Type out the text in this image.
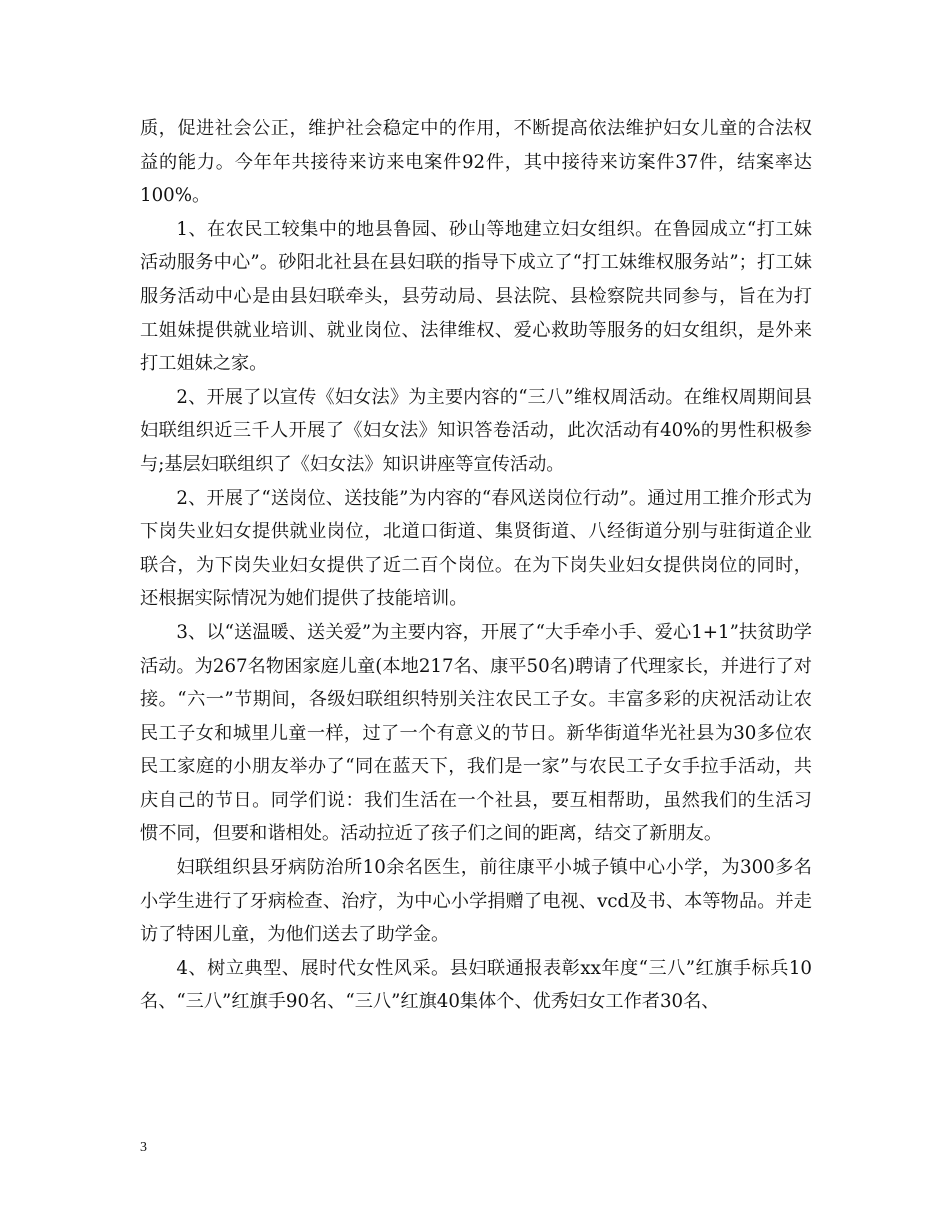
质，促进社会公正，维护社会稳定中的作用，不断提高依法维护妇女儿童的合法权益的能力。今年年共接待来访来电案件92件，其中接待来访案件37件，结案率达100%。

1、在农民工较集中的地县鲁园、砂山等地建立妇女组织。在鲁园成立“打工妹活动服务中心”。砂阳北社县在县妇联的指导下成立了“打工妹维权服务站”；打工妹服务活动中心是由县妇联牵头，县劳动局、县法院、县检察院共同参与，旨在为打工姐妹提供就业培训、就业岗位、法律维权、爱心救助等服务的妇女组织，是外来打工姐妹之家。

2、开展了以宣传《妇女法》为主要内容的“三八”维权周活动。在维权周期间县妇联组织近三千人开展了《妇女法》知识答卷活动，此次活动有40%的男性积极参与;基层妇联组织了《妇女法》知识讲座等宣传活动。

2、开展了“送岗位、送技能”为内容的“春风送岗位行动”。通过用工推介形式为下岗失业妇女提供就业岗位，北道口街道、集贤街道、八经街道分别与驻街道企业联合，为下岗失业妇女提供了近二百个岗位。在为下岗失业妇女提供岗位的同时，还根据实际情况为她们提供了技能培训。

3、以“送温暖、送关爱”为主要内容，开展了“大手牵小手、爱心1+1”扶贫助学活动。为267名物困家庭儿童(本地217名、康平50名)聘请了代理家长，并进行了对接。“六一”节期间，各级妇联组织特别关注农民工子女。丰富多彩的庆祝活动让农民工子女和城里儿童一样，过了一个有意义的节日。新华街道华光社县为30多位农民工家庭的小朋友举办了“同在蓝天下，我们是一家”与农民工子女手拉手活动，共庆自己的节日。同学们说：我们生活在一个社县，要互相帮助，虽然我们的生活习惯不同，但要和谐相处。活动拉近了孩子们之间的距离，结交了新朋友。

妇联组织县牙病防治所10余名医生，前往康平小城子镇中心小学，为300多名小学生进行了牙病检查、治疗，为中心小学捐赠了电视、vcd及书、本等物品。并走访了特困儿童，为他们送去了助学金。

4、树立典型、展时代女性风采。县妇联通报表彰xx年度“三八”红旗手标兵10名、“三八”红旗手90名、“三八”红旗40集体个、优秀妇女工作者30名、

3
